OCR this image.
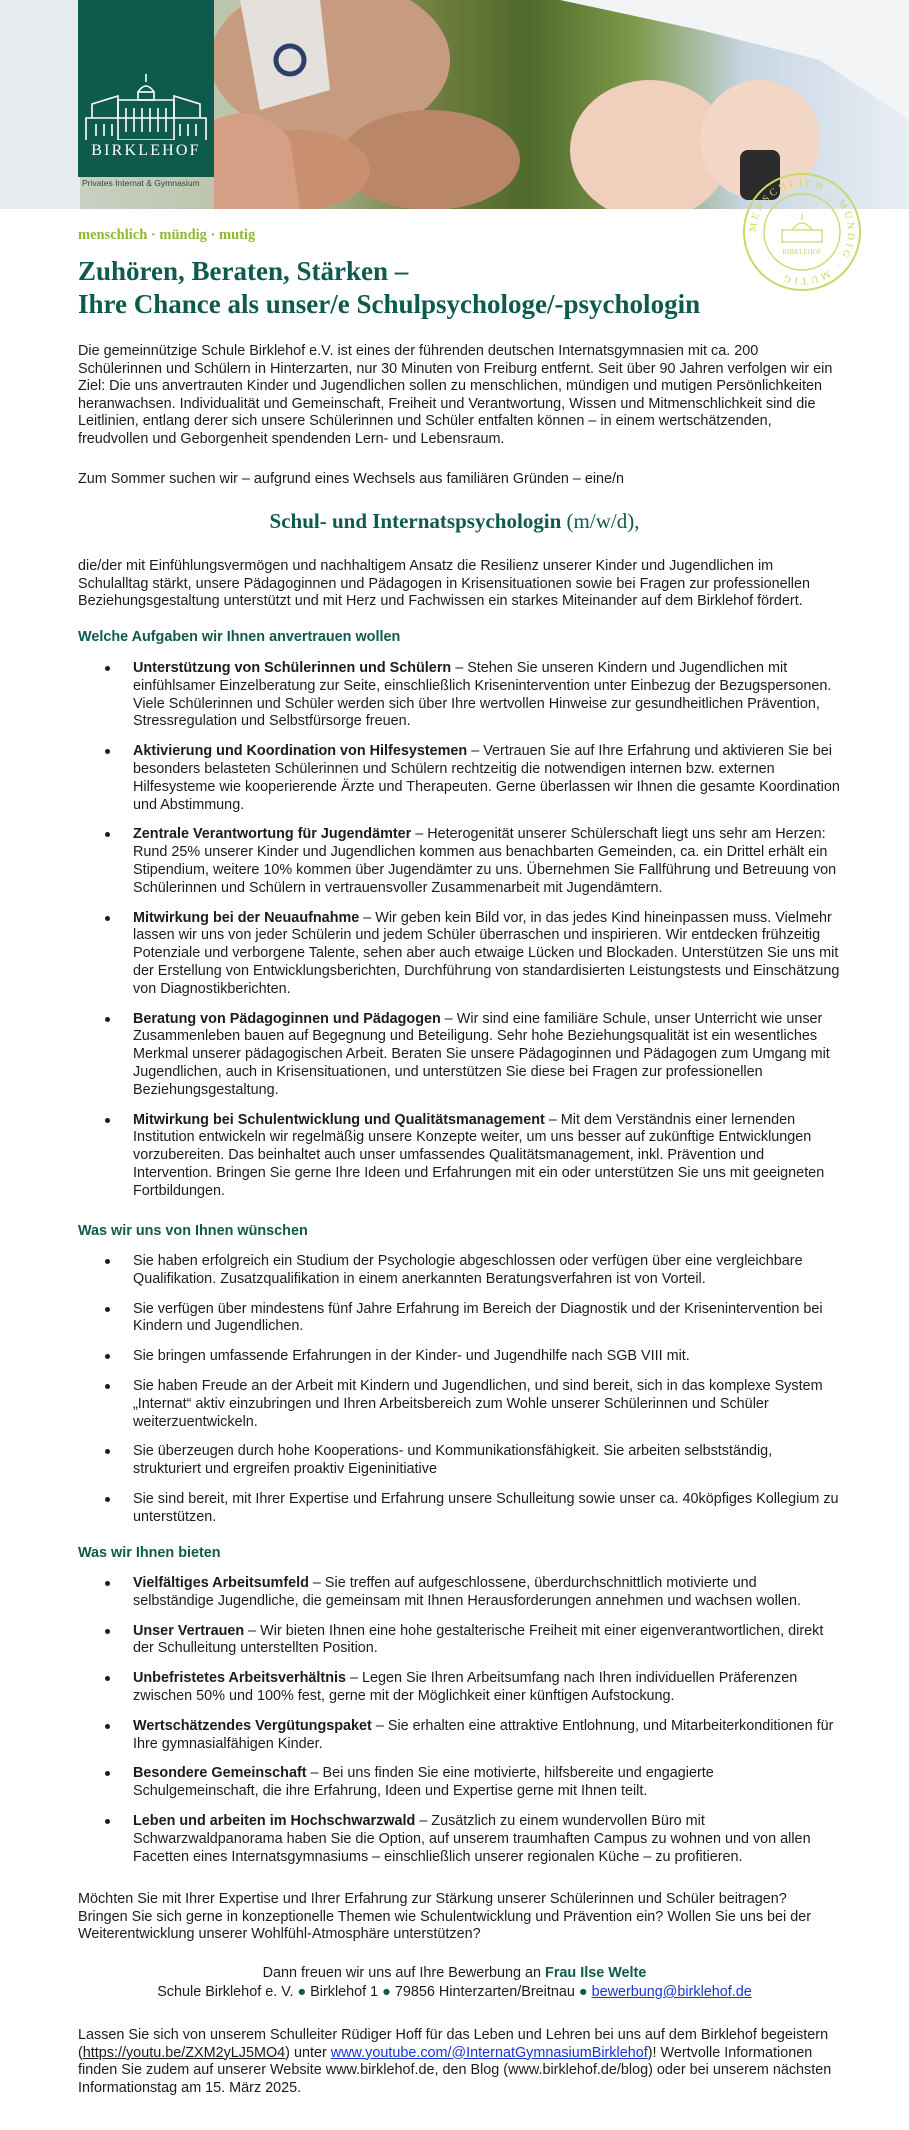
BIRKLEHOF
Privates Internat & Gymnasium
MENSCHLICH · MÜNDIG · MUTIG
BIRKLEHOF
menschlich · mündig · mutig
Zuhören, Beraten, Stärken –
Ihre Chance als unser/e Schulpsychologe/-psychologin

Die gemeinnützige Schule Birklehof e.V. ist eines der führenden deutschen Internatsgymnasien mit ca. 200 Schülerinnen und Schülern in Hinterzarten, nur 30 Minuten von Freiburg entfernt. Seit über 90 Jahren verfolgen wir ein Ziel: Die uns anvertrauten Kinder und Jugendlichen sollen zu menschlichen, mündigen und mutigen Persönlichkeiten heranwachsen. Individualität und Gemeinschaft, Freiheit und Verantwortung, Wissen und Mitmenschlichkeit sind die Leitlinien, entlang derer sich unsere Schülerinnen und Schüler entfalten können – in einem wertschätzenden, freudvollen und Geborgenheit spendenden Lern- und Lebensraum.

Zum Sommer suchen wir – aufgrund eines Wechsels aus familiären Gründen – eine/n

Schul- und Internatspsychologin (m/w/d),

die/der mit Einfühlungsvermögen und nachhaltigem Ansatz die Resilienz unserer Kinder und Jugendlichen im Schulalltag stärkt, unsere Pädagoginnen und Pädagogen in Krisensituationen sowie bei Fragen zur professionellen Beziehungsgestaltung unterstützt und mit Herz und Fachwissen ein starkes Miteinander auf dem Birklehof fördert.

Welche Aufgaben wir Ihnen anvertrauen wollen
Unterstützung von Schülerinnen und Schülern – Stehen Sie unseren Kindern und Jugendlichen mit einfühlsamer Einzelberatung zur Seite, einschließlich Krisenintervention unter Einbezug der Bezugspersonen. Viele Schülerinnen und Schüler werden sich über Ihre wertvollen Hinweise zur gesundheitlichen Prävention, Stressregulation und Selbstfürsorge freuen.
Aktivierung und Koordination von Hilfesystemen – Vertrauen Sie auf Ihre Erfahrung und aktivieren Sie bei besonders belasteten Schülerinnen und Schülern rechtzeitig die notwendigen internen bzw. externen Hilfesysteme wie kooperierende Ärzte und Therapeuten. Gerne überlassen wir Ihnen die gesamte Koordination und Abstimmung.
Zentrale Verantwortung für Jugendämter – Heterogenität unserer Schülerschaft liegt uns sehr am Herzen: Rund 25% unserer Kinder und Jugendlichen kommen aus benachbarten Gemeinden, ca. ein Drittel erhält ein Stipendium, weitere 10% kommen über Jugendämter zu uns. Übernehmen Sie Fallführung und Betreuung von Schülerinnen und Schülern in vertrauensvoller Zusammenarbeit mit Jugendämtern.
Mitwirkung bei der Neuaufnahme – Wir geben kein Bild vor, in das jedes Kind hineinpassen muss. Vielmehr lassen wir uns von jeder Schülerin und jedem Schüler überraschen und inspirieren. Wir entdecken frühzeitig Potenziale und verborgene Talente, sehen aber auch etwaige Lücken und Blockaden. Unterstützen Sie uns mit der Erstellung von Entwicklungsberichten, Durchführung von standardisierten Leistungstests und Einschätzung von Diagnostikberichten.
Beratung von Pädagoginnen und Pädagogen – Wir sind eine familiäre Schule, unser Unterricht wie unser Zusammenleben bauen auf Begegnung und Beteiligung. Sehr hohe Beziehungsqualität ist ein wesentliches Merkmal unserer pädagogischen Arbeit. Beraten Sie unsere Pädagoginnen und Pädagogen zum Umgang mit Jugendlichen, auch in Krisensituationen, und unterstützen Sie diese bei Fragen zur professionellen Beziehungsgestaltung.
Mitwirkung bei Schulentwicklung und Qualitätsmanagement – Mit dem Verständnis einer lernenden Institution entwickeln wir regelmäßig unsere Konzepte weiter, um uns besser auf zukünftige Entwicklungen vorzubereiten. Das beinhaltet auch unser umfassendes Qualitätsmanagement, inkl. Prävention und Intervention. Bringen Sie gerne Ihre Ideen und Erfahrungen mit ein oder unterstützen Sie uns mit geeigneten Fortbildungen.
Was wir uns von Ihnen wünschen
Sie haben erfolgreich ein Studium der Psychologie abgeschlossen oder verfügen über eine vergleichbare Qualifikation. Zusatzqualifikation in einem anerkannten Beratungsverfahren ist von Vorteil.
Sie verfügen über mindestens fünf Jahre Erfahrung im Bereich der Diagnostik und der Krisenintervention bei Kindern und Jugendlichen.
Sie bringen umfassende Erfahrungen in der Kinder- und Jugendhilfe nach SGB VIII mit.
Sie haben Freude an der Arbeit mit Kindern und Jugendlichen, und sind bereit, sich in das komplexe System „Internat“ aktiv einzubringen und Ihren Arbeitsbereich zum Wohle unserer Schülerinnen und Schüler weiterzuentwickeln.
Sie überzeugen durch hohe Kooperations- und Kommunikationsfähigkeit. Sie arbeiten selbstständig, strukturiert und ergreifen proaktiv Eigeninitiative
Sie sind bereit, mit Ihrer Expertise und Erfahrung unsere Schulleitung sowie unser ca. 40köpfiges Kollegium zu unterstützen.
Was wir Ihnen bieten
Vielfältiges Arbeitsumfeld – Sie treffen auf aufgeschlossene, überdurchschnittlich motivierte und selbständige Jugendliche, die gemeinsam mit Ihnen Herausforderungen annehmen und wachsen wollen.
Unser Vertrauen – Wir bieten Ihnen eine hohe gestalterische Freiheit mit einer eigenverantwortlichen, direkt der Schulleitung unterstellten Position.
Unbefristetes Arbeitsverhältnis – Legen Sie Ihren Arbeitsumfang nach Ihren individuellen Präferenzen zwischen 50% und 100% fest, gerne mit der Möglichkeit einer künftigen Aufstockung.
Wertschätzendes Vergütungspaket – Sie erhalten eine attraktive Entlohnung, und Mitarbeiterkonditionen für Ihre gymnasialfähigen Kinder.
Besondere Gemeinschaft – Bei uns finden Sie eine motivierte, hilfsbereite und engagierte Schulgemeinschaft, die ihre Erfahrung, Ideen und Expertise gerne mit Ihnen teilt.
Leben und arbeiten im Hochschwarzwald – Zusätzlich zu einem wundervollen Büro mit Schwarzwaldpanorama haben Sie die Option, auf unserem traumhaften Campus zu wohnen und von allen Facetten eines Internatsgymnasiums – einschließlich unserer regionalen Küche – zu profitieren.

Möchten Sie mit Ihrer Expertise und Ihrer Erfahrung zur Stärkung unserer Schülerinnen und Schüler beitragen? Bringen Sie sich gerne in konzeptionelle Themen wie Schulentwicklung und Prävention ein? Wollen Sie uns bei der Weiterentwicklung unserer Wohlfühl-Atmosphäre unterstützen?

Dann freuen wir uns auf Ihre Bewerbung an Frau Ilse Welte
Schule Birklehof e. V. ● Birklehof 1 ● 79856 Hinterzarten/Breitnau ● bewerbung@birklehof.de

Lassen Sie sich von unserem Schulleiter Rüdiger Hoff für das Leben und Lehren bei uns auf dem Birklehof begeistern (https://youtu.be/ZXM2yLJ5MO4) unter www.youtube.com/@InternatGymnasiumBirklehof)! Wertvolle Informationen finden Sie zudem auf unserer Website www.birklehof.de, den Blog (www.birklehof.de/blog) oder bei unserem nächsten Informationstag am 15. März 2025.
